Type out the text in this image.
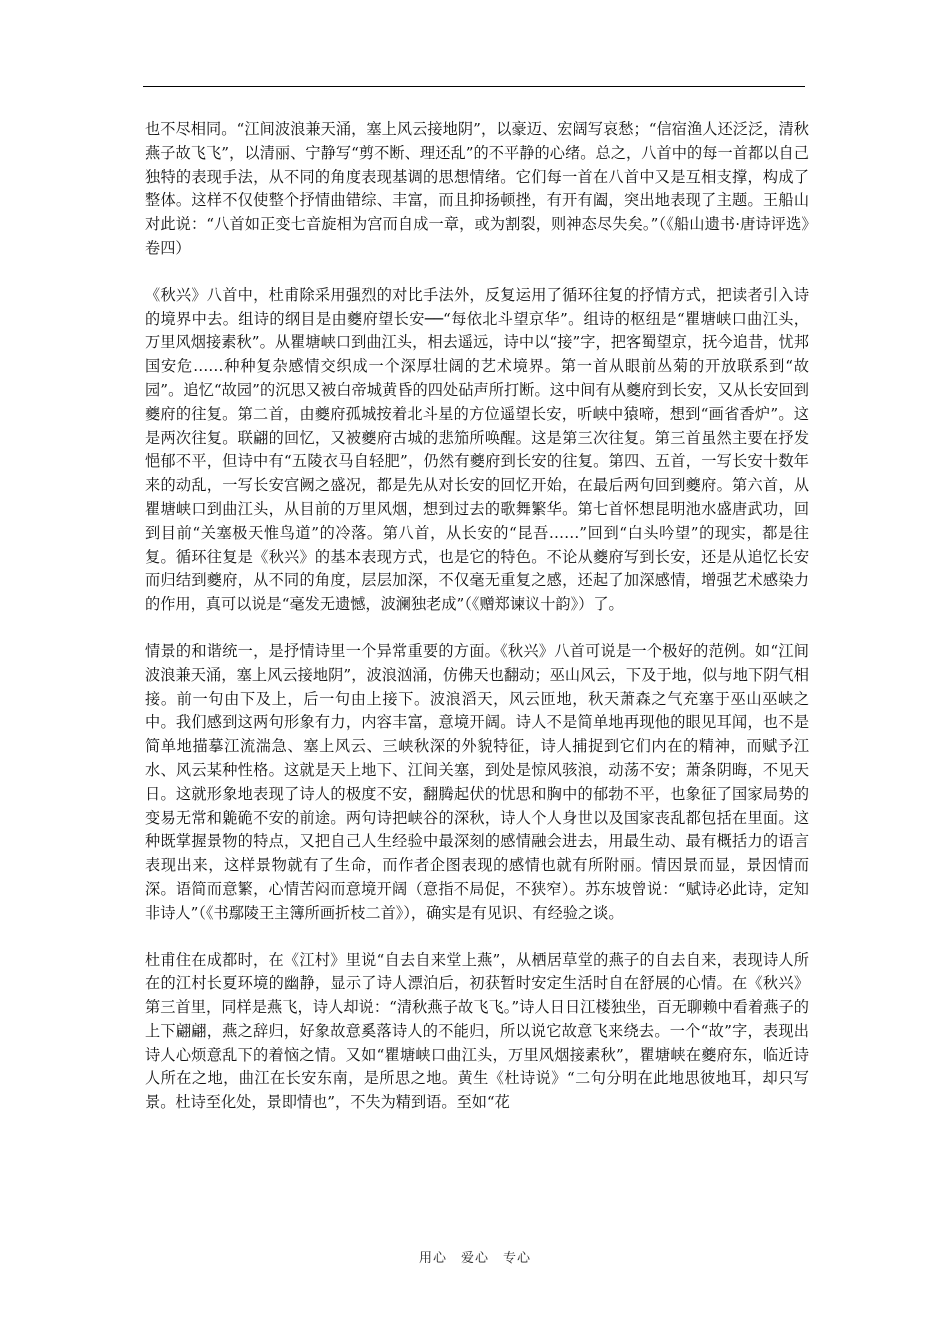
也不尽相同。“江间波浪兼天涌，塞上风云接地阴”，以豪迈、宏阔写哀愁；“信宿渔人还泛泛，清秋燕子故飞飞”，以清丽、宁静写“剪不断、理还乱”的不平静的心绪。总之，八首中的每一首都以自己独特的表现手法，从不同的角度表现基调的思想情绪。它们每一首在八首中又是互相支撑，构成了整体。这样不仅使整个抒情曲错综、丰富，而且抑扬顿挫，有开有阖，突出地表现了主题。王船山对此说：“八首如正变七音旋相为宫而自成一章，或为割裂，则神态尽失矣。”（《船山遗书·唐诗评选》卷四）

《秋兴》八首中，杜甫除采用强烈的对比手法外，反复运用了循环往复的抒情方式，把读者引入诗的境界中去。组诗的纲目是由夔府望长安──“每依北斗望京华”。组诗的枢纽是“瞿塘峡口曲江头，万里风烟接素秋”。从瞿塘峡口到曲江头，相去遥远，诗中以“接”字，把客蜀望京，抚今追昔，忧邦国安危……种种复杂感情交织成一个深厚壮阔的艺术境界。第一首从眼前丛菊的开放联系到“故园”。追忆“故园”的沉思又被白帝城黄昏的四处砧声所打断。这中间有从夔府到长安，又从长安回到夔府的往复。第二首，由夔府孤城按着北斗星的方位遥望长安，听峡中猿啼，想到“画省香炉”。这是两次往复。联翩的回忆，又被夔府古城的悲笳所唤醒。这是第三次往复。第三首虽然主要在抒发悒郁不平，但诗中有“五陵衣马自轻肥”，仍然有夔府到长安的往复。第四、五首，一写长安十数年来的动乱，一写长安宫阙之盛况，都是先从对长安的回忆开始，在最后两句回到夔府。第六首，从瞿塘峡口到曲江头，从目前的万里风烟，想到过去的歌舞繁华。第七首怀想昆明池水盛唐武功，回到目前“关塞极天惟鸟道”的冷落。第八首，从长安的“昆吾……”回到“白头吟望”的现实，都是往复。循环往复是《秋兴》的基本表现方式，也是它的特色。不论从夔府写到长安，还是从追忆长安而归结到夔府，从不同的角度，层层加深，不仅毫无重复之感，还起了加深感情，增强艺术感染力的作用，真可以说是“毫发无遗憾，波澜独老成”（《赠郑谏议十韵》）了。

情景的和谐统一，是抒情诗里一个异常重要的方面。《秋兴》八首可说是一个极好的范例。如“江间波浪兼天涌，塞上风云接地阴”，波浪汹涌，仿佛天也翻动；巫山风云，下及于地，似与地下阴气相接。前一句由下及上，后一句由上接下。波浪滔天，风云匝地，秋天萧森之气充塞于巫山巫峡之中。我们感到这两句形象有力，内容丰富，意境开阔。诗人不是简单地再现他的眼见耳闻，也不是简单地描摹江流湍急、塞上风云、三峡秋深的外貌特征，诗人捕捉到它们内在的精神，而赋予江水、风云某种性格。这就是天上地下、江间关塞，到处是惊风骇浪，动荡不安；萧条阴晦，不见天日。这就形象地表现了诗人的极度不安，翻腾起伏的忧思和胸中的郁勃不平，也象征了国家局势的变易无常和臲硊不安的前途。两句诗把峡谷的深秋，诗人个人身世以及国家丧乱都包括在里面。这种既掌握景物的特点，又把自己人生经验中最深刻的感情融会进去，用最生动、最有概括力的语言表现出来，这样景物就有了生命，而作者企图表现的感情也就有所附丽。情因景而显，景因情而深。语简而意繁，心情苦闷而意境开阔（意指不局促，不狭窄）。苏东坡曾说：“赋诗必此诗，定知非诗人”（《书鄢陵王主簿所画折枝二首》），确实是有见识、有经验之谈。

杜甫住在成都时，在《江村》里说“自去自来堂上燕”，从栖居草堂的燕子的自去自来，表现诗人所在的江村长夏环境的幽静，显示了诗人漂泊后，初获暂时安定生活时自在舒展的心情。在《秋兴》第三首里，同样是燕飞，诗人却说：“清秋燕子故飞飞。”诗人日日江楼独坐，百无聊赖中看着燕子的上下翩翩，燕之辞归，好象故意奚落诗人的不能归，所以说它故意飞来绕去。一个“故”字，表现出诗人心烦意乱下的着恼之情。又如“瞿塘峡口曲江头，万里风烟接素秋”，瞿塘峡在夔府东，临近诗人所在之地，曲江在长安东南，是所思之地。黄生《杜诗说》“二句分明在此地思彼地耳，却只写景。杜诗至化处，景即情也”，不失为精到语。至如“花

用心　爱心　专心
